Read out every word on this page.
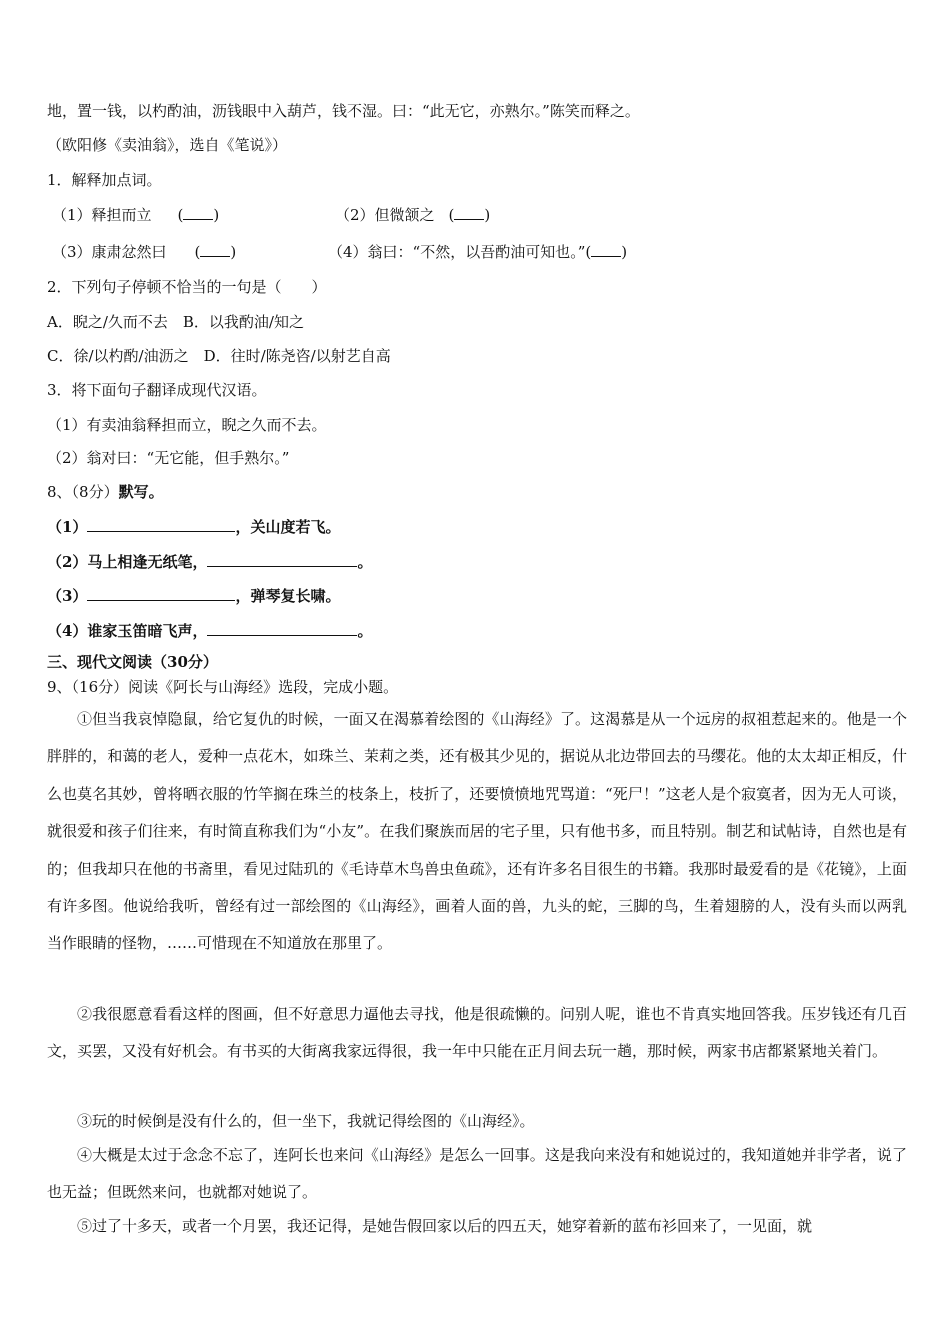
地，置一钱，以杓酌油，沥钱眼中入葫芦，钱不湿。曰：“此无它，亦熟尔。”陈笑而释之。
（欧阳修《卖油翁》，选自《笔说》）
1．解释加点词。
（1）释担而立 ( )	（2）但微颔之 ( )
（3）康肃忿然曰 ( )	（4）翁曰：“不然，以吾酌油可知也。”( )
2．下列句子停顿不恰当的一句是（　　）
A．睨之/久而不去　B．以我酌油/知之
C．徐/以杓酌/油沥之　D．往时/陈尧咨/以射艺自高
3．将下面句子翻译成现代汉语。
（1）有卖油翁释担而立，睨之久而不去。
（2）翁对曰：“无它能，但手熟尔。”
8、（8分）默写。
（1）	，关山度若飞。
（2）马上相逢无纸笔，	。
（3）	，弹琴复长啸。
（4）谁家玉笛暗飞声，	。
三、现代文阅读（30分）
9、（16分）阅读《阿长与山海经》选段，完成小题。
①但当我哀悼隐鼠，给它复仇的时候，一面又在渴慕着绘图的《山海经》了。这渴慕是从一个远房的叔祖惹起来的。他是一个胖胖的，和蔼的老人，爱种一点花木，如珠兰、茉莉之类，还有极其少见的，据说从北边带回去的马缨花。他的太太却正相反，什么也莫名其妙，曾将晒衣服的竹竿搁在珠兰的枝条上，枝折了，还要愤愤地咒骂道：“死尸！”这老人是个寂寞者，因为无人可谈，就很爱和孩子们往来，有时简直称我们为“小友”。在我们聚族而居的宅子里，只有他书多，而且特别。制艺和试帖诗，自然也是有的；但我却只在他的书斋里，看见过陆玑的《毛诗草木鸟兽虫鱼疏》，还有许多名目很生的书籍。我那时最爱看的是《花镜》，上面有许多图。他说给我听，曾经有过一部绘图的《山海经》，画着人面的兽，九头的蛇，三脚的鸟，生着翅膀的人，没有头而以两乳当作眼睛的怪物，……可惜现在不知道放在那里了。
②我很愿意看看这样的图画，但不好意思力逼他去寻找，他是很疏懒的。问别人呢，谁也不肯真实地回答我。压岁钱还有几百文，买罢，又没有好机会。有书买的大街离我家远得很，我一年中只能在正月间去玩一趟，那时候，两家书店都紧紧地关着门。
③玩的时候倒是没有什么的，但一坐下，我就记得绘图的《山海经》。
④大概是太过于念念不忘了，连阿长也来问《山海经》是怎么一回事。这是我向来没有和她说过的，我知道她并非学者，说了也无益；但既然来问，也就都对她说了。
⑤过了十多天，或者一个月罢，我还记得，是她告假回家以后的四五天，她穿着新的蓝布衫回来了，一见面，就
